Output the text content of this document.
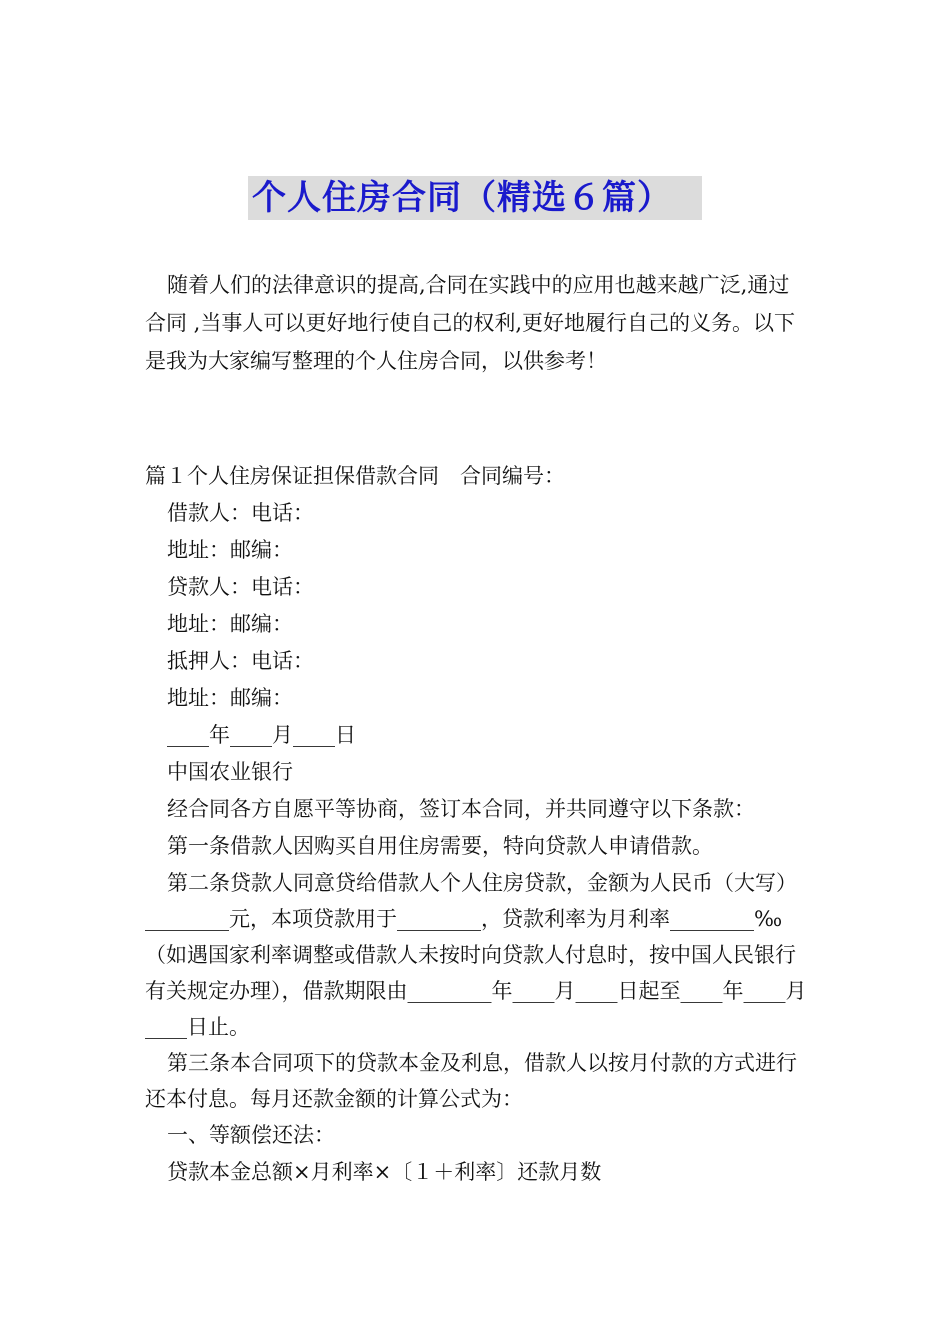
个人住房合同（精选６篇）

随着人们的法律意识的提高,合同在实践中的应用也越来越广泛,通过合同 ,当事人可以更好地行使自己的权利,更好地履行自己的义务。以下是我为大家编写整理的个人住房合同，以供参考！

篇１个人住房保证担保借款合同　合同编号：

借款人：电话：

地址：邮编：

贷款人：电话：

地址：邮编：

抵押人：电话：

地址：邮编：

____年____月____日

中国农业银行

经合同各方自愿平等协商，签订本合同，并共同遵守以下条款：

第一条借款人因购买自用住房需要，特向贷款人申请借款。

第二条贷款人同意贷给借款人个人住房贷款，金额为人民币（大写）________元，本项贷款用于________，贷款利率为月利率________‰（如遇国家利率调整或借款人未按时向贷款人付息时，按中国人民银行有关规定办理），借款期限由________年____月____日起至____年____月____日止。

第三条本合同项下的贷款本金及利息，借款人以按月付款的方式进行还本付息。每月还款金额的计算公式为：

一、等额偿还法：

贷款本金总额×月利率×〔１＋利率〕还款月数
